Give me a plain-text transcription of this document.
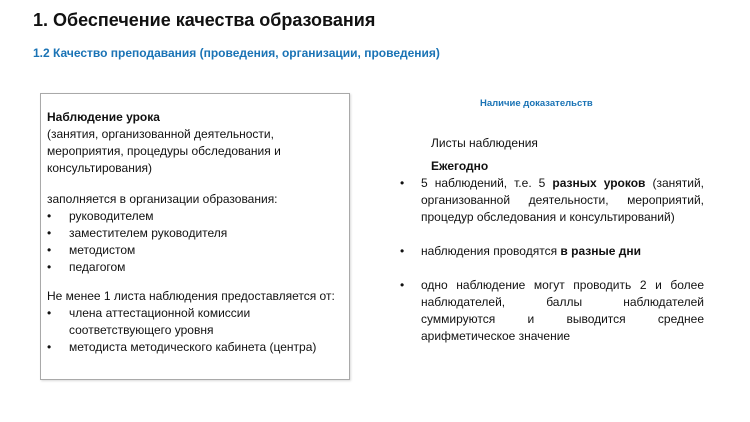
1. Обеспечение качества образования
1.2 Качество преподавания (проведения, организации, проведения)
Наблюдение урока

(занятия, организованной деятельности, мероприятия, процедуры обследования и консультирования)

заполняется в организации образования:

• руководителем
• заместителем руководителя
• методистом
• педагогом

Не менее 1 листа наблюдения предоставляется от:

• члена аттестационной комиссии соответствующего уровня
• методиста методического кабинета (центра)
Наличие доказательств
Листы наблюдения
Ежегодно
• 5 наблюдений, т.е. 5 разных уроков (занятий, организованной деятельности, мероприятий, процедур обследования и консультирований)
• наблюдения проводятся в разные дни
• одно наблюдение могут проводить 2 и более наблюдателей, баллы наблюдателей суммируются и выводится среднее арифметическое значение
